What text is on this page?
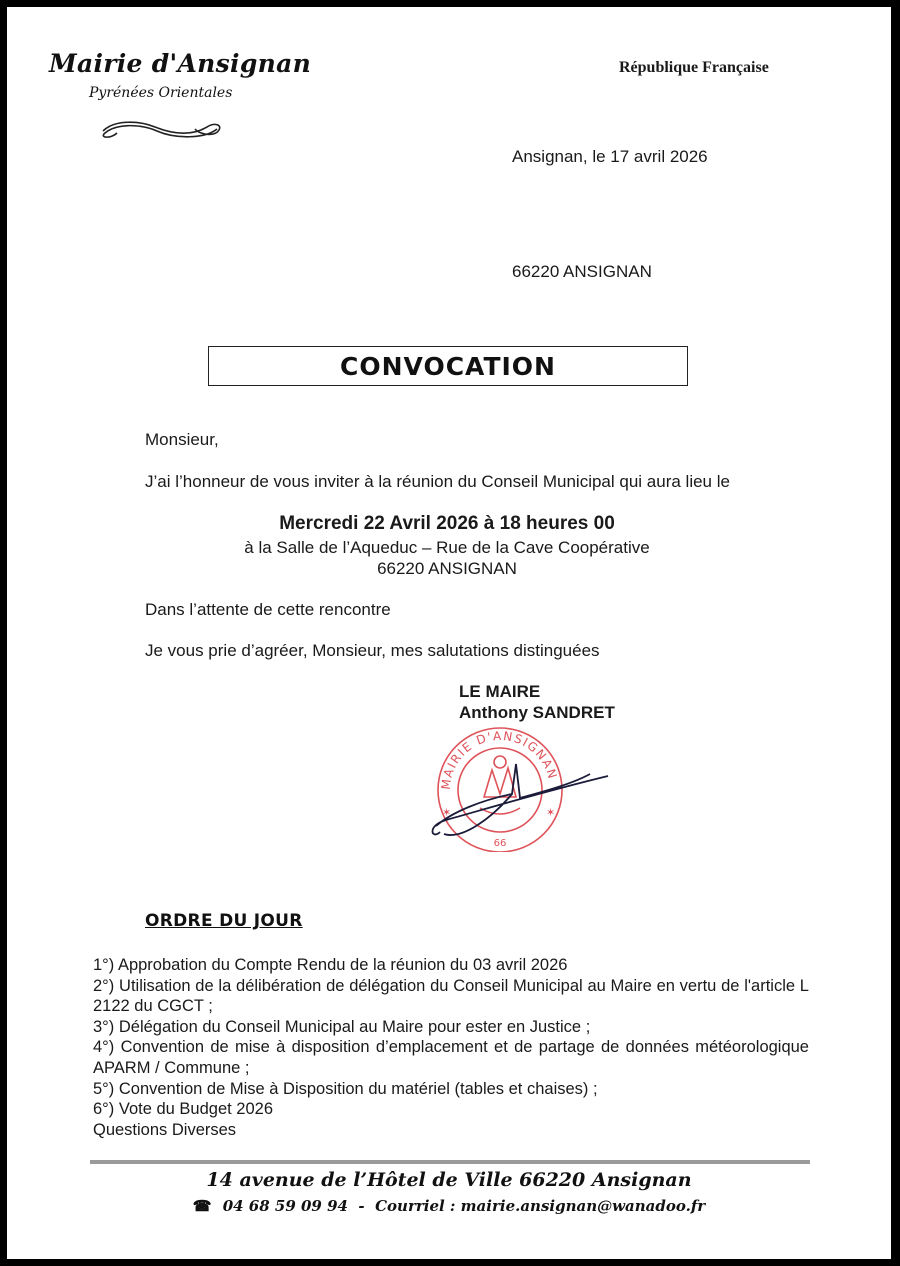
Mairie d'Ansignan
Pyrénées Orientales
République Française
Ansignan, le 17 avril 2026
66220 ANSIGNAN
CONVOCATION
Monsieur,
J’ai l’honneur de vous inviter à la réunion du Conseil Municipal qui aura lieu le
Mercredi 22 Avril 2026 à 18 heures 00
à la Salle de l’Aqueduc – Rue de la Cave Coopérative
66220 ANSIGNAN
Dans l’attente de cette rencontre
Je vous prie d’agréer, Monsieur, mes salutations distinguées
LE MAIRE
Anthony SANDRET
MAIRIE D'ANSIGNAN
66
✶	✶
ORDRE DU JOUR
1°) Approbation du Compte Rendu de la réunion du 03 avril 2026
2°) Utilisation de la délibération de délégation du Conseil Municipal au Maire en vertu de l'article L 2122 du CGCT ;
3°) Délégation du Conseil Municipal au Maire pour ester en Justice ;
4°) Convention de mise à disposition d’emplacement et de partage de données météorologique APARM / Commune ;
5°) Convention de Mise à Disposition du matériel (tables et chaises) ;
6°) Vote du Budget 2026
Questions Diverses
14 avenue de l’Hôtel de Ville 66220 Ansignan
☎ 04 68 59 09 94 - Courriel : mairie.ansignan@wanadoo.fr
